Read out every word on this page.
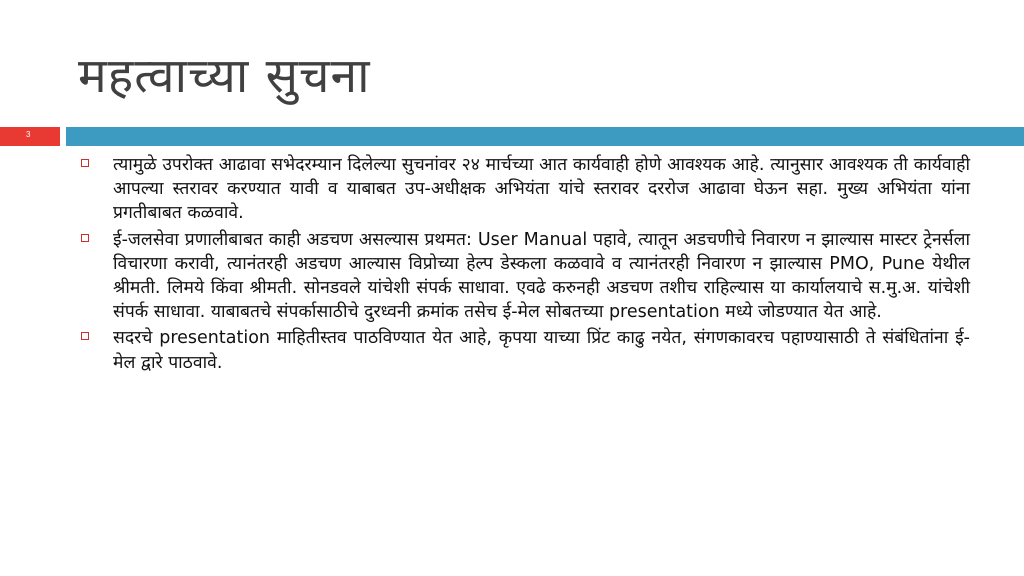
महत्वाच्या सुचना
3
त्यामुळे उपरोक्त आढावा सभेदरम्यान दिलेल्या सुचनांवर २४ मार्चच्या आत कार्यवाही होणे आवश्यक आहे. त्यानुसार आवश्यक ती कार्यवाही आपल्या स्तरावर करण्यात यावी व याबाबत उप-अधीक्षक अभियंता यांचे स्तरावर दररोज आढावा घेऊन सहा. मुख्य अभियंता यांना प्रगतीबाबत कळवावे.
ई-जलसेवा प्रणालीबाबत काही अडचण असल्यास प्रथमत: User Manual पहावे, त्यातून अडचणीचे निवारण न झाल्यास मास्टर ट्रेनर्सला विचारणा करावी, त्यानंतरही अडचण आल्यास विप्रोच्या हेल्प डेस्कला कळवावे व त्यानंतरही निवारण न झाल्यास PMO, Pune येथील श्रीमती. लिमये किंवा श्रीमती. सोनडवले यांचेशी संपर्क साधावा. एवढे करुनही अडचण तशीच राहिल्यास या कार्यालयाचे स.मु.अ. यांचेशी संपर्क साधावा. याबाबतचे संपर्कासाठीचे दुरध्वनी क्रमांक तसेच ई-मेल सोबतच्या presentation मध्ये जोडण्यात येत आहे.
सदरचे presentation माहितीस्तव पाठविण्यात येत आहे, कृपया याच्या प्रिंट काढु नयेत, संगणकावरच पहाण्यासाठी ते संबंधितांना ई-मेल द्वारे पाठवावे.
